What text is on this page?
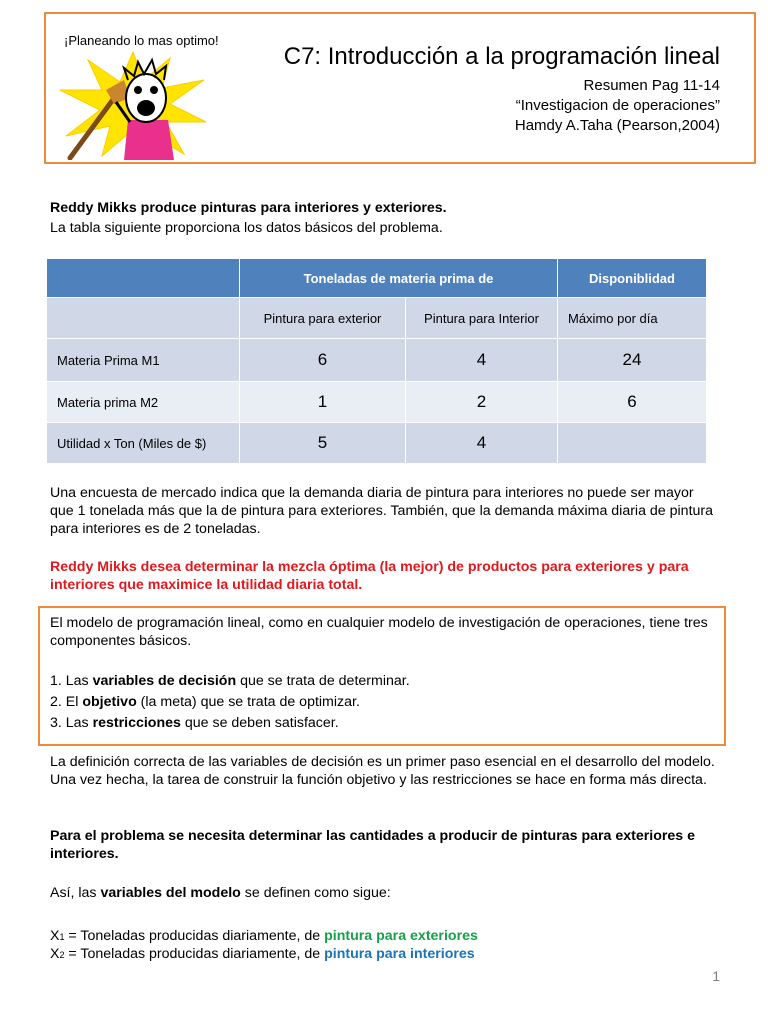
¡Planeando lo mas optimo!
C7: Introducción a la programación lineal
Resumen Pag 11-14
“Investigacion de operaciones”
Hamdy A.Taha (Pearson,2004)
Reddy Mikks produce pinturas para interiores y exteriores.
La tabla siguiente proporciona los datos básicos del problema.
	Toneladas de materia prima de		Disponiblidad
	Pintura para exterior	Pintura para Interior	Máximo por día
Materia Prima M1	6	4	24
Materia prima M2	1	2	6
Utilidad x Ton (Miles de $)	5	4	
Una encuesta de mercado indica que la demanda diaria de pintura para interiores no puede ser mayor que 1 tonelada más que la de pintura para exteriores. También, que la demanda máxima diaria de pintura para interiores es de 2 toneladas.
Reddy Mikks desea determinar la mezcla óptima (la mejor) de productos para exteriores y para interiores que maximice la utilidad diaria total.
El modelo de programación lineal, como en cualquier modelo de investigación de operaciones, tiene tres componentes básicos.
1. Las variables de decisión que se trata de determinar.
2. El objetivo (la meta) que se trata de optimizar.
3. Las restricciones que se deben satisfacer.
La definición correcta de las variables de decisión es un primer paso esencial en el desarrollo del modelo. Una vez hecha, la tarea de construir la función objetivo y las restricciones se hace en forma más directa.
Para el problema se necesita determinar las cantidades a producir de pinturas para exteriores e interiores.
Así, las variables del modelo se definen como sigue:
X1 = Toneladas producidas diariamente, de pintura para exteriores
X2 = Toneladas producidas diariamente, de pintura para interiores
1
